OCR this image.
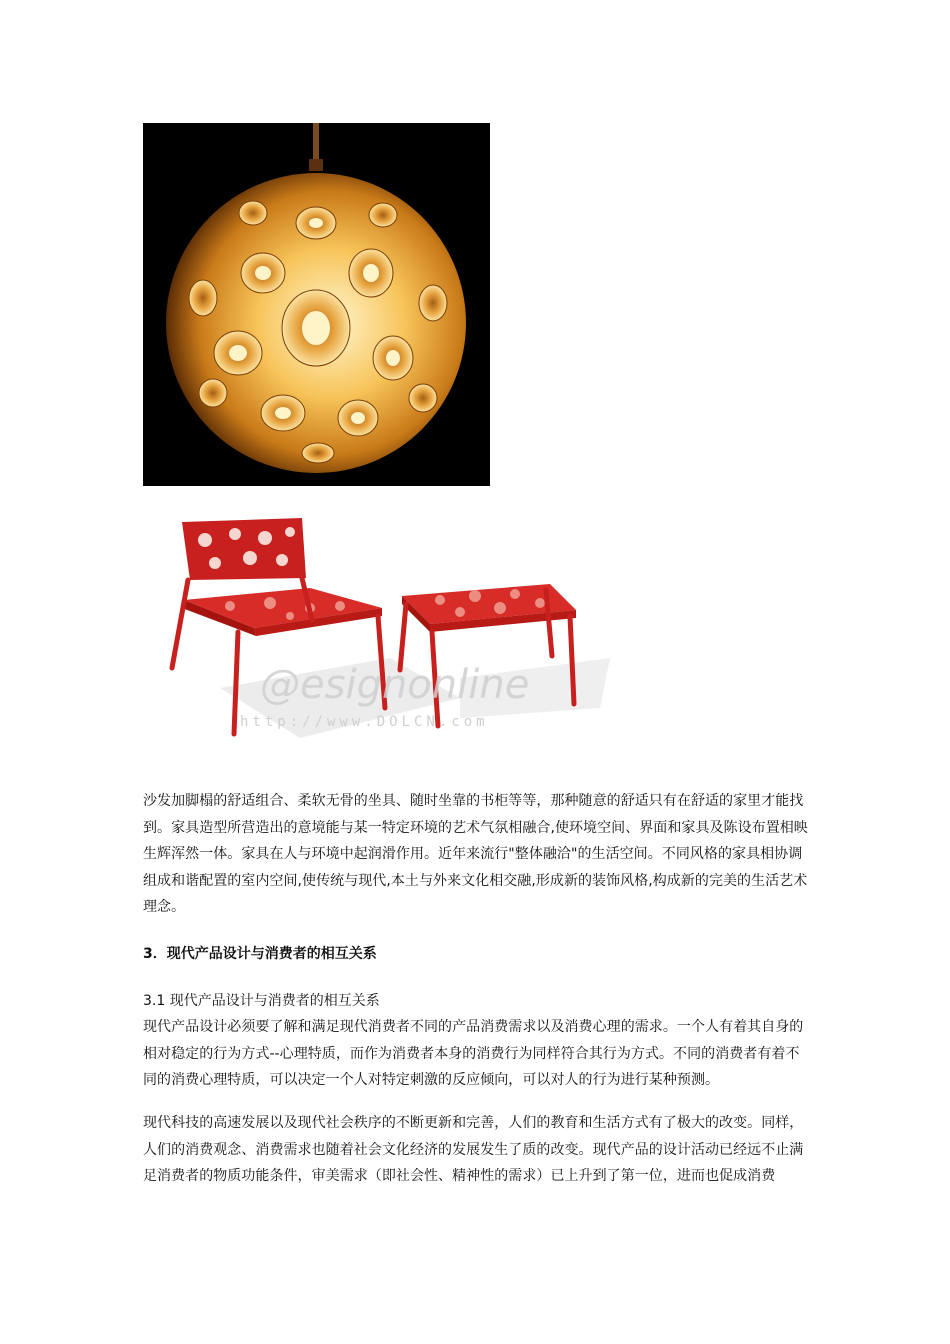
@esignonline
http://www.DOLCN.com

沙发加脚榻的舒适组合、柔软无骨的坐具、随时坐靠的书柜等等，那种随意的舒适只有在舒适的家里才能找到。家具造型所营造出的意境能与某一特定环境的艺术气氛相融合,使环境空间、界面和家具及陈设布置相映生辉浑然一体。家具在人与环境中起润滑作用。近年来流行"整体融洽"的生活空间。不同风格的家具相协调组成和谐配置的室内空间,使传统与现代,本土与外来文化相交融,形成新的装饰风格,构成新的完美的生活艺术理念。

3．现代产品设计与消费者的相互关系

3.1 现代产品设计与消费者的相互关系

现代产品设计必须要了解和满足现代消费者不同的产品消费需求以及消费心理的需求。一个人有着其自身的相对稳定的行为方式--心理特质，而作为消费者本身的消费行为同样符合其行为方式。不同的消费者有着不同的消费心理特质，可以决定一个人对特定刺激的反应倾向，可以对人的行为进行某种预测。

现代科技的高速发展以及现代社会秩序的不断更新和完善，人们的教育和生活方式有了极大的改变。同样，人们的消费观念、消费需求也随着社会文化经济的发展发生了质的改变。现代产品的设计活动已经远不止满足消费者的物质功能条件，审美需求（即社会性、精神性的需求）已上升到了第一位，进而也促成消费
